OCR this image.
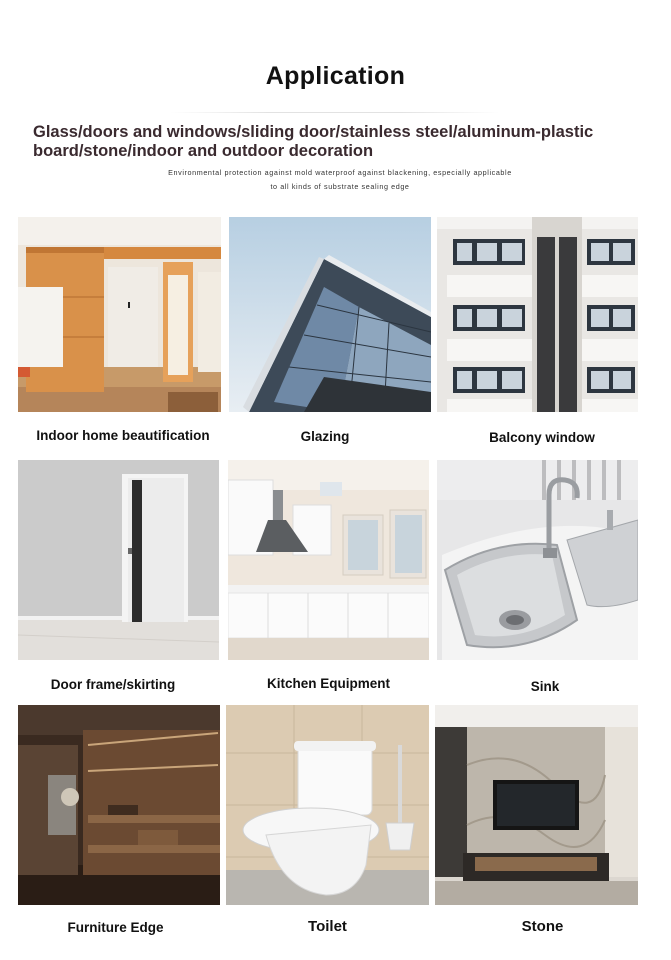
Application
Glass/doors and windows/sliding door/stainless steel/aluminum-plastic board/stone/indoor and outdoor decoration
Environmental protection against mold waterproof against blackening, especially applicable
to all kinds of substrate sealing edge
Indoor home beautification	Glazing	Balcony window
Door frame/skirting	Kitchen Equipment	Sink
Furniture Edge	Toilet	Stone
